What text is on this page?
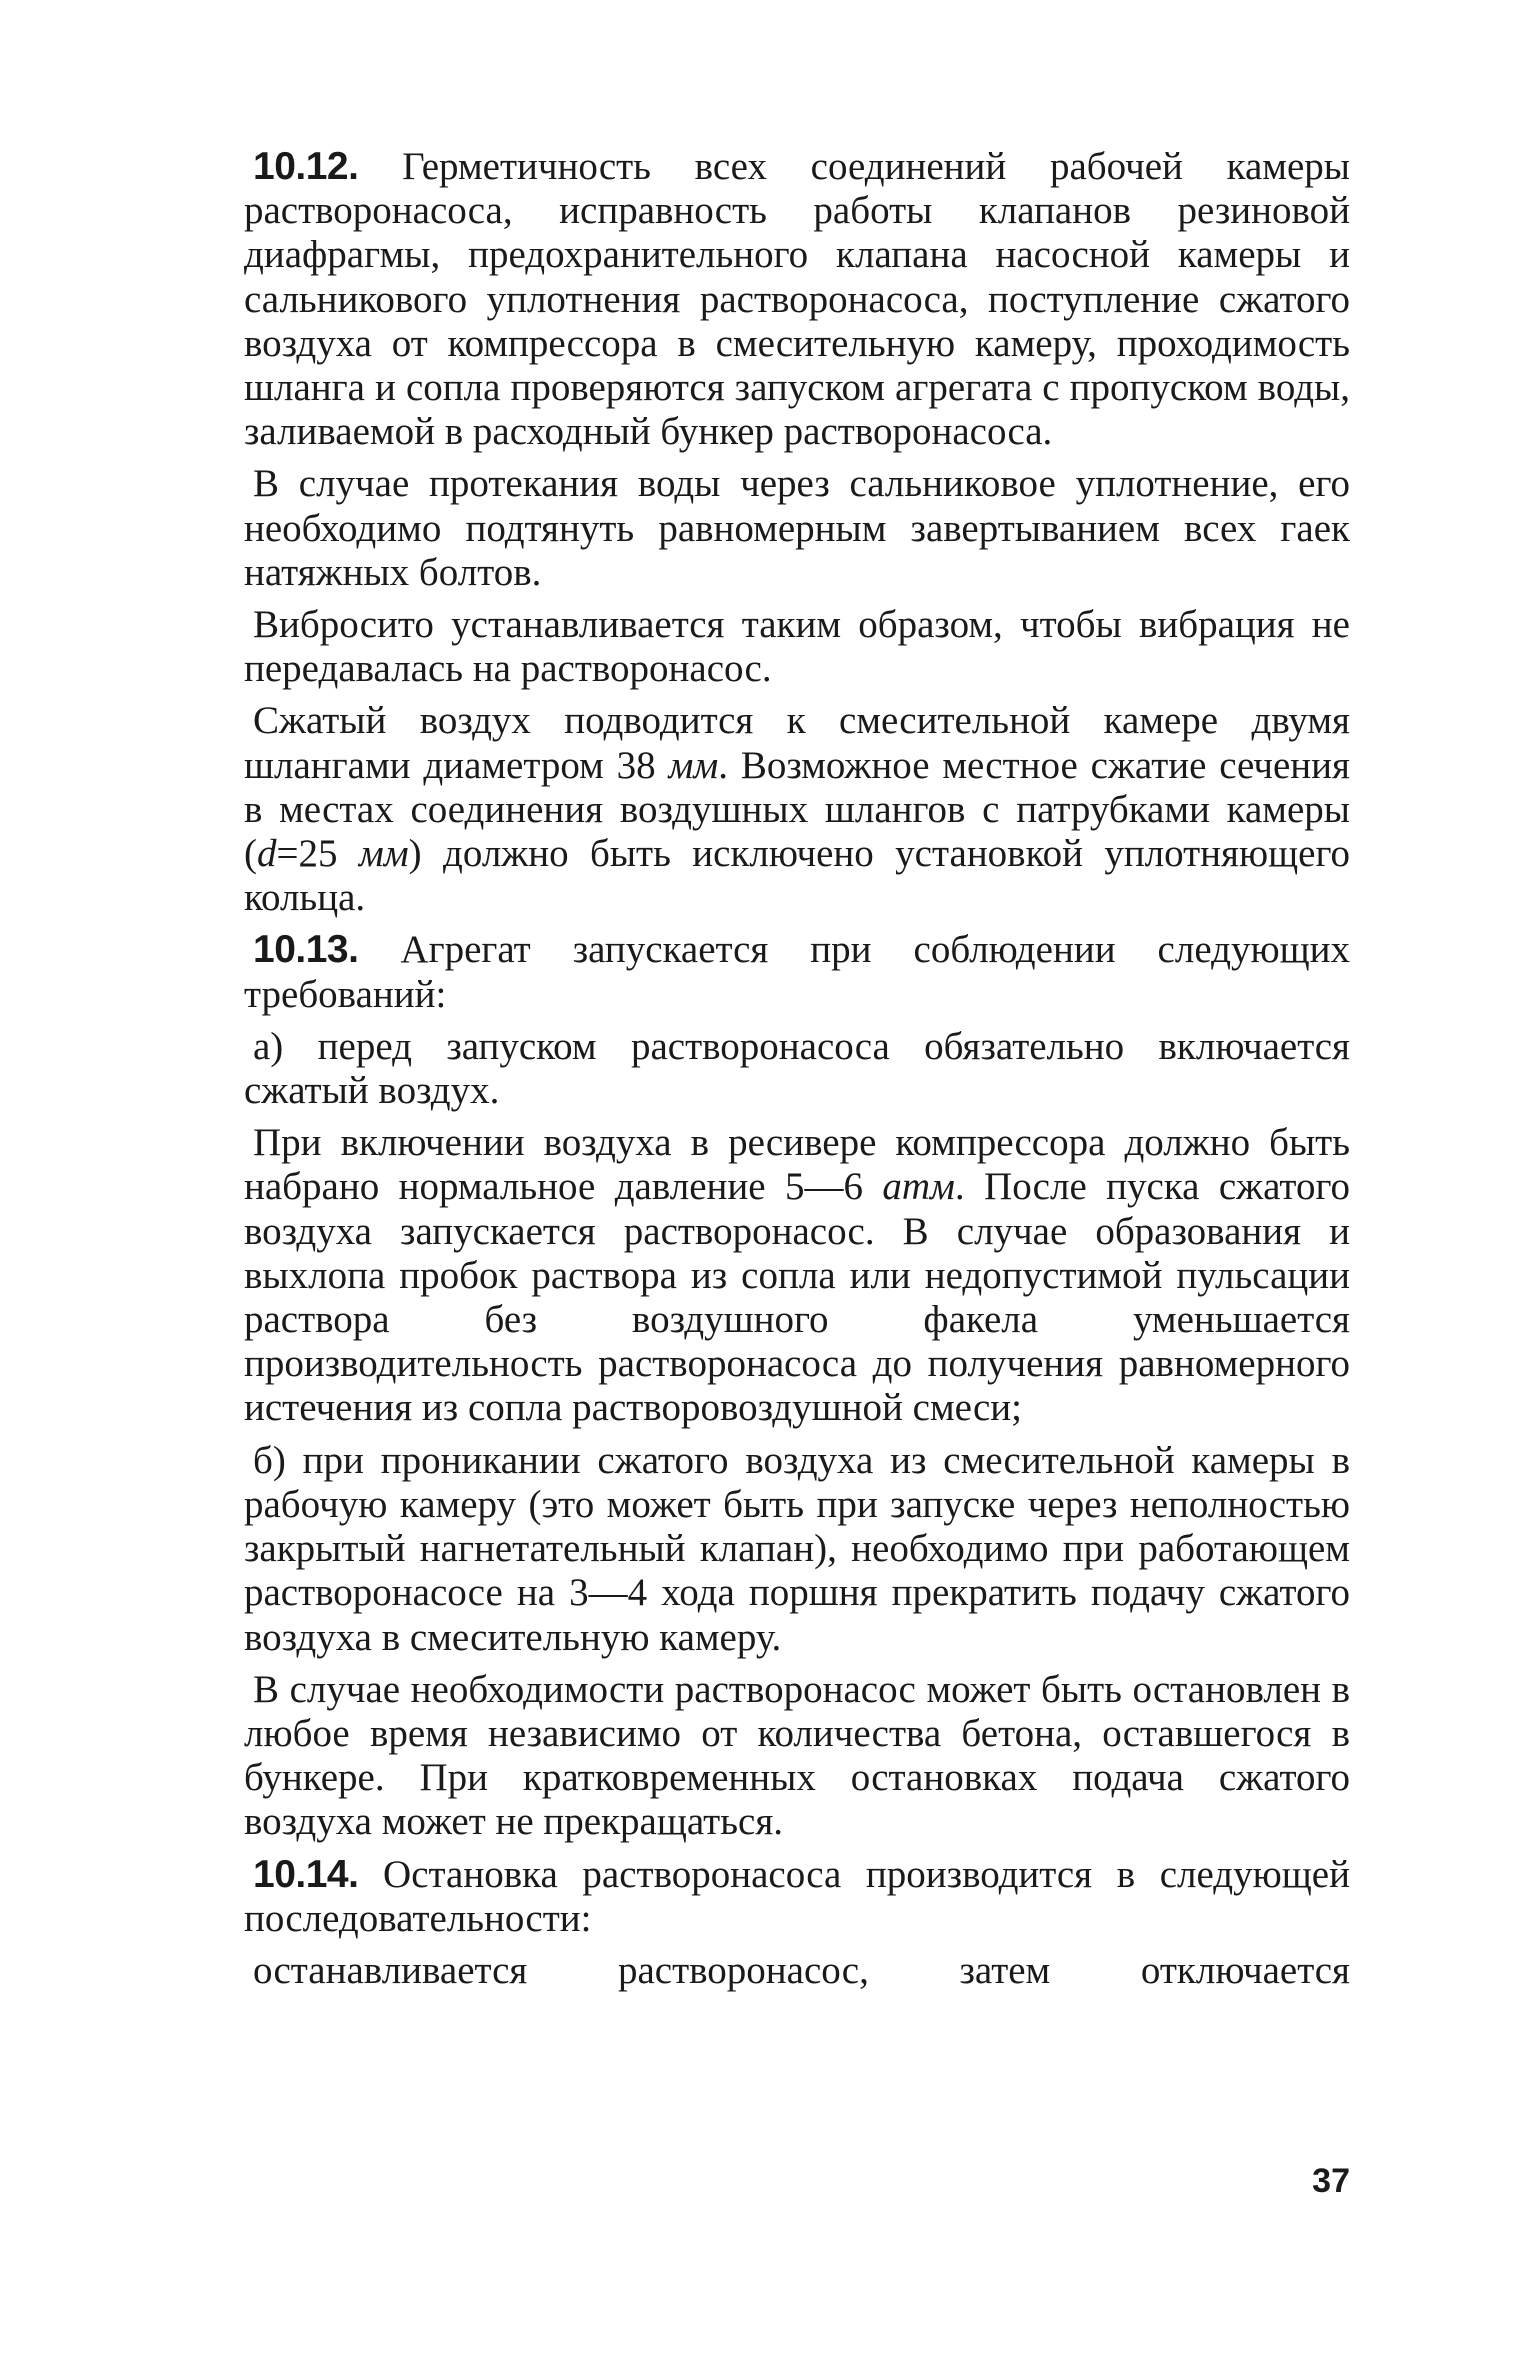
10.12. Герметичность всех соединений рабочей камеры растворонасоса, исправность работы клапанов резиновой диафрагмы, предохранительного клапана насосной камеры и сальникового уплотнения растворонасоса, поступление сжатого воздуха от компрессора в смесительную камеру, проходимость шланга и сопла проверяются запуском агрегата с пропуском воды, заливаемой в расходный бункер растворонасоса.

В случае протекания воды через сальниковое уплотнение, его необходимо подтянуть равномерным завертыванием всех гаек натяжных болтов.

Вибросито устанавливается таким образом, чтобы вибрация не передавалась на растворонасос.

Сжатый воздух подводится к смесительной камере двумя шлангами диаметром 38 мм. Возможное местное сжатие сечения в местах соединения воздушных шлангов с патрубками камеры (d=25 мм) должно быть исключено установкой уплотняющего кольца.

10.13. Агрегат запускается при соблюдении следующих требований:

а) перед запуском растворонасоса обязательно включается сжатый воздух.

При включении воздуха в ресивере компрессора должно быть набрано нормальное давление 5—6 атм. После пуска сжатого воздуха запускается растворонасос. В случае образования и выхлопа пробок раствора из сопла или недопустимой пульсации раствора без воздушного факела уменьшается производительность растворонасоса до получения равномерного истечения из сопла растворовоздушной смеси;

б) при проникании сжатого воздуха из смесительной камеры в рабочую камеру (это может быть при запуске через неполностью закрытый нагнетательный клапан), необходимо при работающем растворонасосе на 3—4 хода поршня прекратить подачу сжатого воздуха в смесительную камеру.

В случае необходимости растворонасос может быть остановлен в любое время независимо от количества бетона, оставшегося в бункере. При кратковременных остановках подача сжатого воздуха может не прекращаться.

10.14. Остановка растворонасоса производится в следующей последовательности:

останавливается растворонасос, затем отключается

37
